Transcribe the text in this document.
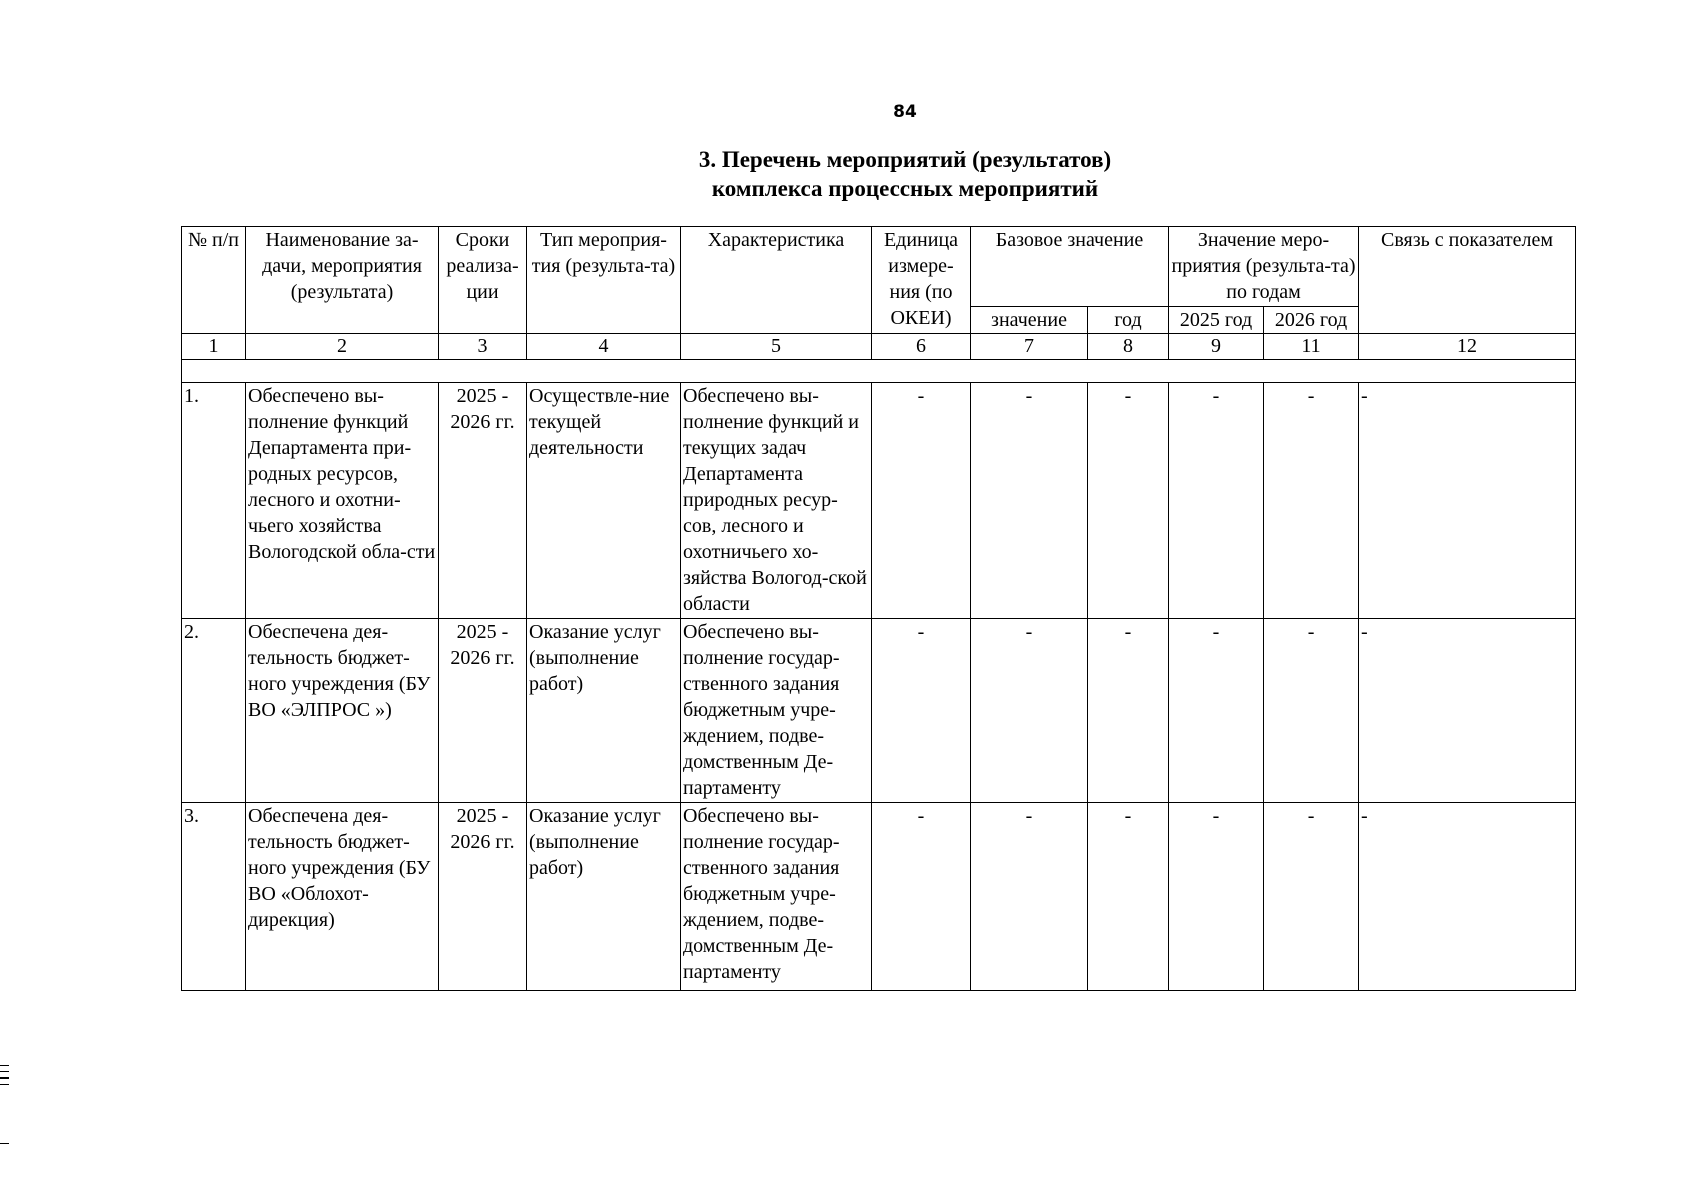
84
3. Перечень мероприятий (результатов)
комплекса процессных мероприятий
№ п/п	Наименование за-дачи, мероприятия (результата)	Сроки реализа-ции	Тип мероприя-тия (результа-та)	Характеристика	Единица измере-ния (по ОКЕИ)	Базовое значение		Значение меро-приятия (результа-та) по годам		Связь с показателем
						значение	год	2025 год	2026 год	
1	2	3	4	5	6	7	8	9	11	12

1.	Обеспечено вы-полнение функций Департамента при-родных ресурсов, лесного и охотни-чьего хозяйства Вологодской обла-сти	2025 - 2026 гг.	Осуществле-ние текущей деятельности	Обеспечено вы-полнение функций и текущих задач Департамента природных ресур-сов, лесного и охотничьего хо-зяйства Вологод-ской области	-	-	-	-	-	-
2.	Обеспечена дея-тельность бюджет-ного учреждения (БУ ВО «ЭЛПРОС »)	2025 - 2026 гг.	Оказание услуг (выполнение работ)	Обеспечено вы-полнение государ-ственного задания бюджетным учре-ждением, подве-домственным Де-партаменту	-	-	-	-	-	-
3.	Обеспечена дея-тельность бюджет-ного учреждения (БУ ВО «Облохот-дирекция)	2025 - 2026 гг.	Оказание услуг (выполнение работ)	Обеспечено вы-полнение государ-ственного задания бюджетным учре-ждением, подве-домственным Де-партаменту	-	-	-	-	-	-
